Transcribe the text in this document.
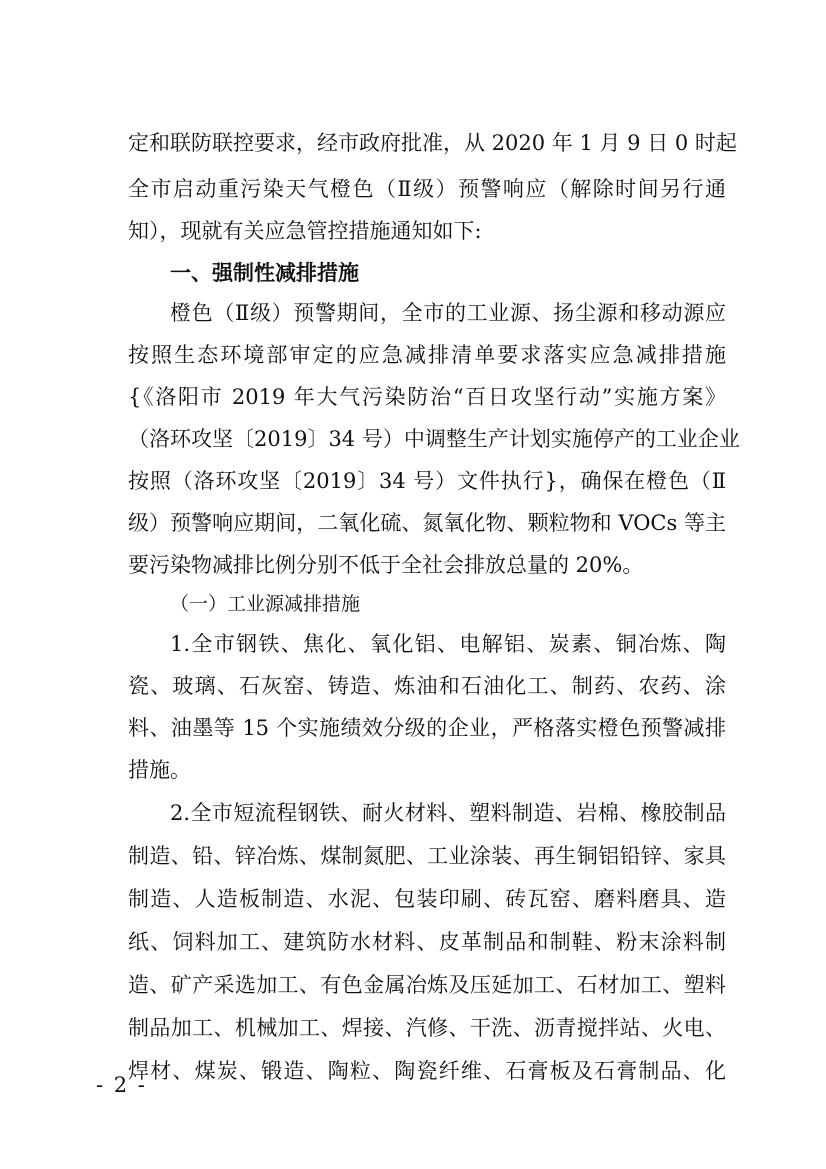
定和联防联控要求，经市政府批准，从 2020 年 1 月 9 日 0 时起

全市启动重污染天气橙色（Ⅱ级）预警响应（解除时间另行通

知），现就有关应急管控措施通知如下:

一、强制性减排措施

橙色（Ⅱ级）预警期间，全市的工业源、扬尘源和移动源应

按照生态环境部审定的应急减排清单要求落实应急减排措施

{《洛阳市 2019 年大气污染防治“百日攻坚行动”实施方案》

（洛环攻坚〔2019〕34 号）中调整生产计划实施停产的工业企业

按照（洛环攻坚〔2019〕34 号）文件执行}，确保在橙色（Ⅱ

级）预警响应期间，二氧化硫、氮氧化物、颗粒物和 VOCs 等主

要污染物减排比例分别不低于全社会排放总量的 20%。

（一）工业源减排措施

1.全市钢铁、焦化、氧化铝、电解铝、炭素、铜冶炼、陶

瓷、玻璃、石灰窑、铸造、炼油和石油化工、制药、农药、涂

料、油墨等 15 个实施绩效分级的企业，严格落实橙色预警减排

措施。

2.全市短流程钢铁、耐火材料、塑料制造、岩棉、橡胶制品

制造、铅、锌冶炼、煤制氮肥、工业涂装、再生铜铝铅锌、家具

制造、人造板制造、水泥、包装印刷、砖瓦窑、磨料磨具、造

纸、饲料加工、建筑防水材料、皮革制品和制鞋、粉末涂料制

造、矿产采选加工、有色金属冶炼及压延加工、石材加工、塑料

制品加工、机械加工、焊接、汽修、干洗、沥青搅拌站、火电、

焊材、煤炭、锻造、陶粒、陶瓷纤维、石膏板及石膏制品、化

- 2 -
